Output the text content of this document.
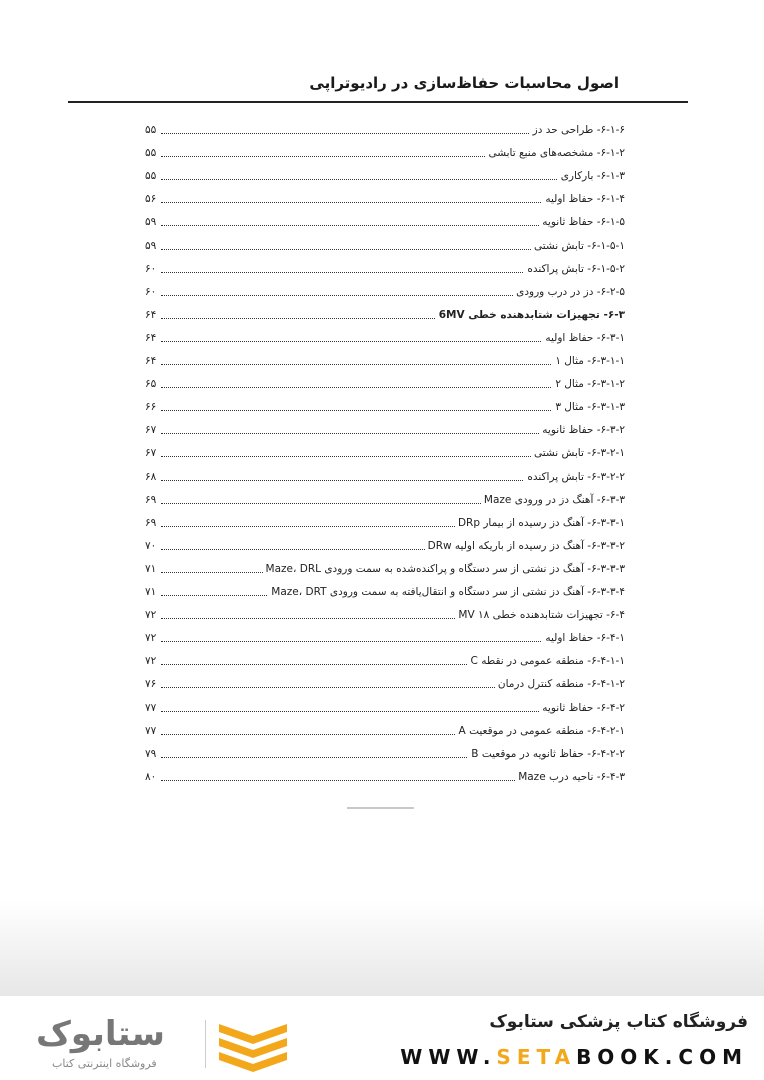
اصول محاسبات حفاظ‌سازی در رادیوتراپی
۶-۱-۶- طراحی حد دز
۵۵
۶-۱-۲- مشخصه‌های منبع تابشی
۵۵
۶-۱-۳- بارکاری
۵۵
۶-۱-۴- حفاظ اولیه
۵۶
۶-۱-۵- حفاظ ثانویه
۵۹
۶-۱-۵-۱- تابش نشتی
۵۹
۶-۱-۵-۲- تابش پراکنده
۶۰
۶-۲-۵- دز در درب ورودی
۶۰
۶-۳- تجهیزات شتابدهنده خطی 6MV
۶۴
۶-۳-۱- حفاظ اولیه
۶۴
۶-۳-۱-۱- مثال ۱
۶۴
۶-۳-۱-۲- مثال ۲
۶۵
۶-۳-۱-۳- مثال ۳
۶۶
۶-۳-۲- حفاظ ثانویه
۶۷
۶-۳-۲-۱- تابش نشتی
۶۷
۶-۳-۲-۲- تابش پراکنده
۶۸
۶-۳-۳- آهنگ دز در ورودی Maze
۶۹
۶-۳-۳-۱- آهنگ دز رسیده از بیمار DRp
۶۹
۶-۳-۳-۲- آهنگ دز رسیده از باریکه اولیه DRw
۷۰
۶-۳-۳-۳- آهنگ دز نشتی از سر دستگاه و پراکنده‌شده به سمت ورودی Maze، DRL
۷۱
۶-۳-۳-۴- آهنگ دز نشتی از سر دستگاه و انتقال‌یافته به سمت ورودی Maze، DRT
۷۱
۶-۴- تجهیزات شتابدهنده خطی ۱۸ MV
۷۲
۶-۴-۱- حفاظ اولیه
۷۲
۶-۴-۱-۱- منطقه عمومی در نقطه C
۷۲
۶-۴-۱-۲- منطقه کنترل درمان
۷۶
۶-۴-۲- حفاظ ثانویه
۷۷
۶-۴-۲-۱- منطقه عمومی در موقعیت A
۷۷
۶-۴-۲-۲- حفاظ ثانویه در موقعیت B
۷۹
۶-۴-۳- ناحیه درب Maze
۸۰
ستابوک
فروشگاه اینترنتی کتاب
فروشگاه کتاب پزشکی ستابوک
WWW.SETABOOK.COM
